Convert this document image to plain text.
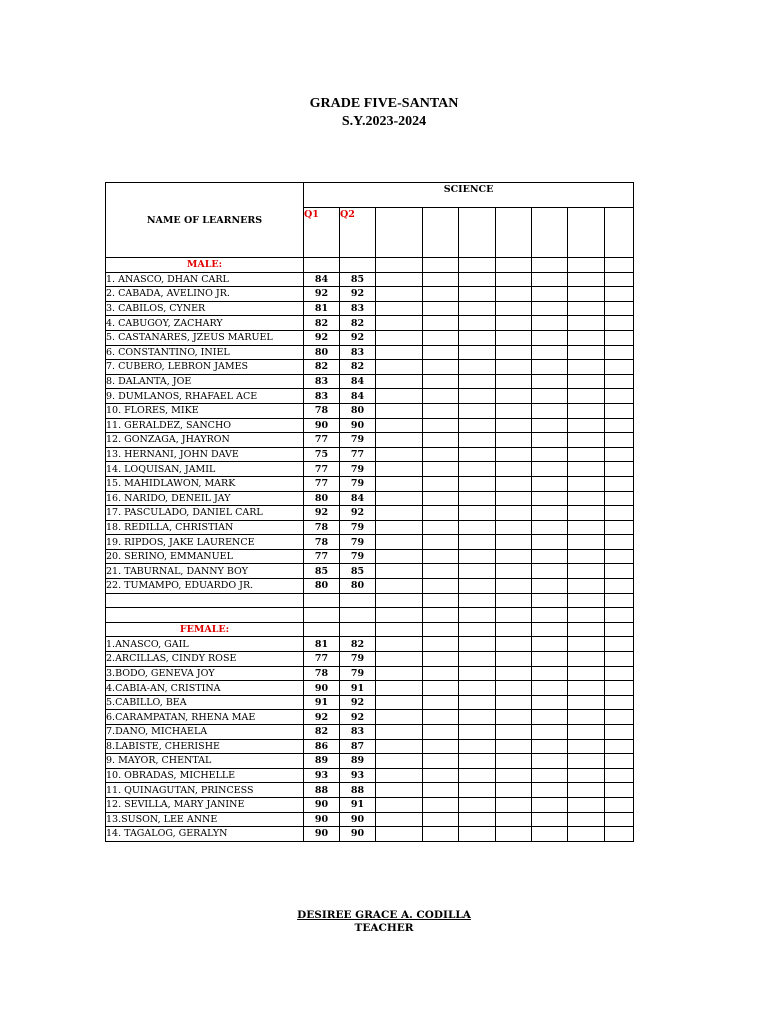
GRADE FIVE-SANTAN
S.Y.2023-2024
NAME OF LEARNERS	SCIENCE								
	Q1	Q2							
MALE:									
1. ANASCO, DHAN CARL	84	85							
2. CABADA, AVELINO JR.	92	92							
3. CABILOS, CYNER	81	83							
4. CABUGOY, ZACHARY	82	82							
5. CASTANARES, JZEUS MARUEL	92	92							
6. CONSTANTINO, INIEL	80	83							
7. CUBERO, LEBRON JAMES	82	82							
8. DALANTA, JOE	83	84							
9. DUMLANOS, RHAFAEL ACE	83	84							
10. FLORES, MIKE	78	80							
11. GERALDEZ, SANCHO	90	90							
12. GONZAGA, JHAYRON	77	79							
13. HERNANI, JOHN DAVE	75	77							
14. LOQUISAN, JAMIL	77	79							
15. MAHIDLAWON, MARK	77	79							
16. NARIDO, DENEIL JAY	80	84							
17. PASCULADO, DANIEL CARL	92	92							
18. REDILLA, CHRISTIAN	78	79							
19. RIPDOS, JAKE LAURENCE	78	79							
20. SERINO, EMMANUEL	77	79							
21. TABURNAL, DANNY BOY	85	85							
22. TUMAMPO, EDUARDO JR.	80	80							

FEMALE:									
1.ANASCO, GAIL	81	82							
2.ARCILLAS, CINDY ROSE	77	79							
3.BODO, GENEVA JOY	78	79							
4.CABIA-AN, CRISTINA	90	91							
5.CABILLO, BEA	91	92							
6.CARAMPATAN, RHENA MAE	92	92							
7.DANO, MICHAELA	82	83							
8.LABISTE, CHERISHE	86	87							
9. MAYOR, CHENTAL	89	89							
10. OBRADAS, MICHELLE	93	93							
11. QUINAGUTAN, PRINCESS	88	88							
12. SEVILLA, MARY JANINE	90	91							
13.SUSON, LEE ANNE	90	90							
14. TAGALOG, GERALYN	90	90							
DESIREE GRACE A. CODILLA
TEACHER
